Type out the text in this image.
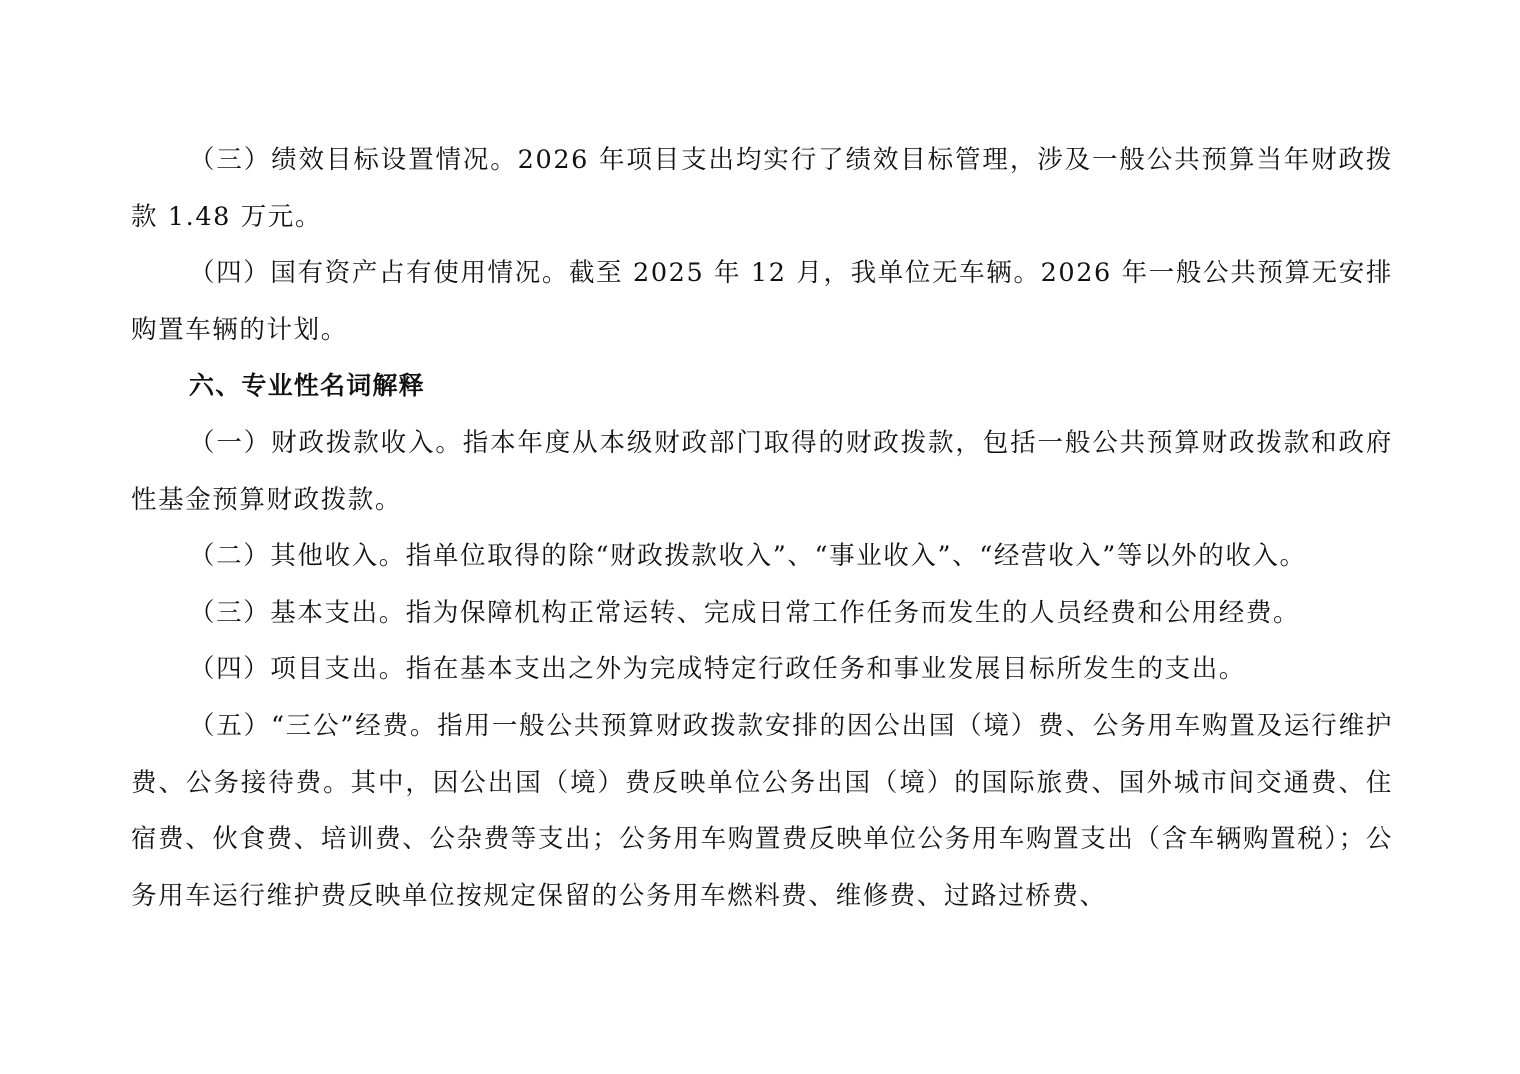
（三）绩效目标设置情况。2026 年项目支出均实行了绩效目标管理，涉及一般公共预算当年财政拨款 1.48 万元。

（四）国有资产占有使用情况。截至 2025 年 12 月，我单位无车辆。2026 年一般公共预算无安排购置车辆的计划。

六、专业性名词解释

（一）财政拨款收入。指本年度从本级财政部门取得的财政拨款，包括一般公共预算财政拨款和政府性基金预算财政拨款。

（二）其他收入。指单位取得的除“财政拨款收入”、“事业收入”、“经营收入”等以外的收入。

（三）基本支出。指为保障机构正常运转、完成日常工作任务而发生的人员经费和公用经费。

（四）项目支出。指在基本支出之外为完成特定行政任务和事业发展目标所发生的支出。

（五）“三公”经费。指用一般公共预算财政拨款安排的因公出国（境）费、公务用车购置及运行维护费、公务接待费。其中，因公出国（境）费反映单位公务出国（境）的国际旅费、国外城市间交通费、住宿费、伙食费、培训费、公杂费等支出；公务用车购置费反映单位公务用车购置支出（含车辆购置税）；公务用车运行维护费反映单位按规定保留的公务用车燃料费、维修费、过路过桥费、
